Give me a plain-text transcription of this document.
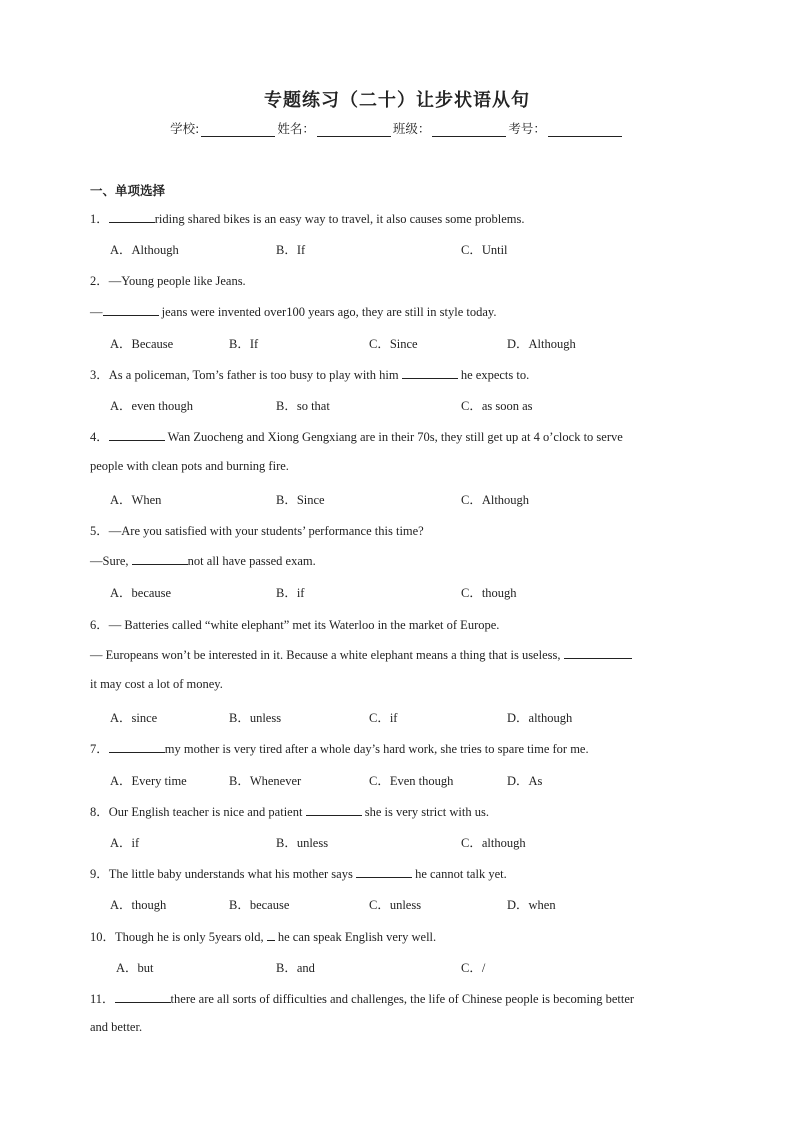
专题练习（二十）让步状语从句
学校:	姓名：	班级：	考号：
一、单项选择
1．	riding shared bikes is an easy way to travel, it also causes some problems.
A．Although	B．If	C．Until
2．—Young people like Jeans.
—	jeans were invented over100 years ago, they are still in style today.
A．Because	B．If	C．Since	D．Although
3．As a policeman, Tom’s father is too busy to play with him	he expects to.
A．even though	B．so that	C．as soon as
4．	Wan Zuocheng and Xiong Gengxiang are in their 70s, they still get up at 4 o’clock to serve
people with clean pots and burning fire.
A．When	B．Since	C．Although
5．—Are you satisfied with your students’ performance this time?
—Sure,	not all have passed exam.
A．because	B．if	C．though
6．— Batteries called “white elephant” met its Waterloo in the market of Europe.
— Europeans won’t be interested in it. Because a white elephant means a thing that is useless,
it may cost a lot of money.
A．since	B．unless	C．if	D．although
7．	my mother is very tired after a whole day’s hard work, she tries to spare time for me.
A．Every time	B．Whenever	C．Even though	D．As
8．Our English teacher is nice and patient	she is very strict with us.
A．if	B．unless	C．although
9．The little baby understands what his mother says	he cannot talk yet.
A．though	B．because	C．unless	D．when
10．Though he is only 5years old,  he can speak English very well.
A．but	B．and	C．/
11．	there are all sorts of difficulties and challenges, the life of Chinese people is becoming better
and better.
